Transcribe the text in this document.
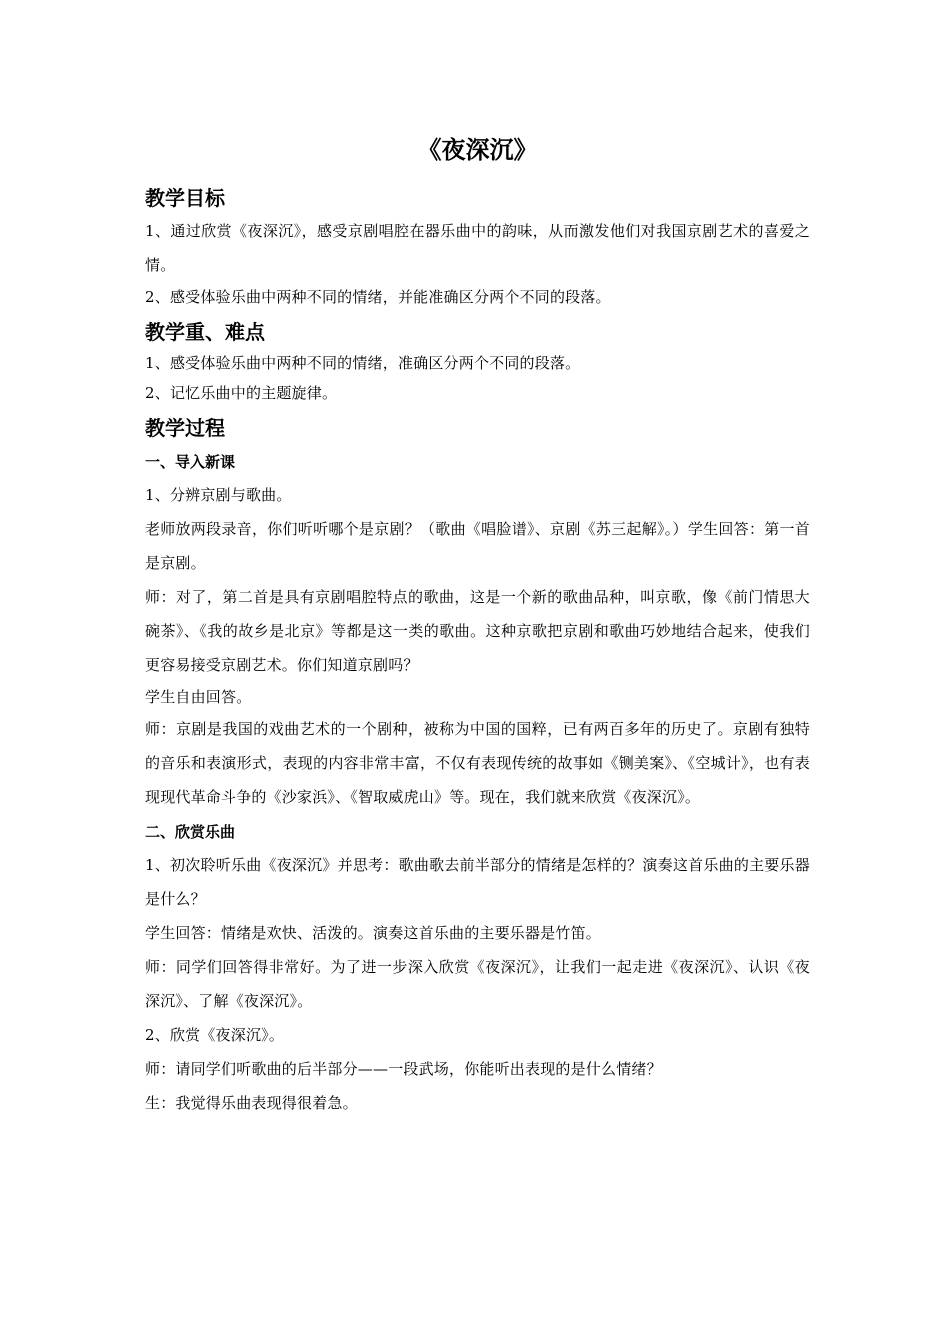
《夜深沉》
教学目标

1、通过欣赏《夜深沉》，感受京剧唱腔在器乐曲中的韵味，从而激发他们对我国京剧艺术的喜爱之情。

2、感受体验乐曲中两种不同的情绪，并能准确区分两个不同的段落。

教学重、难点

1、感受体验乐曲中两种不同的情绪，准确区分两个不同的段落。

2、记忆乐曲中的主题旋律。

教学过程
一、导入新课

1、分辨京剧与歌曲。

老师放两段录音，你们听听哪个是京剧？（歌曲《唱脸谱》、京剧《苏三起解》。）学生回答：第一首是京剧。

师：对了，第二首是具有京剧唱腔特点的歌曲，这是一个新的歌曲品种，叫京歌，像《前门情思大碗茶》、《我的故乡是北京》等都是这一类的歌曲。这种京歌把京剧和歌曲巧妙地结合起来，使我们更容易接受京剧艺术。你们知道京剧吗？

学生自由回答。

师：京剧是我国的戏曲艺术的一个剧种，被称为中国的国粹，已有两百多年的历史了。京剧有独特的音乐和表演形式，表现的内容非常丰富，不仅有表现传统的故事如《铡美案》、《空城计》，也有表现现代革命斗争的《沙家浜》、《智取威虎山》等。现在，我们就来欣赏《夜深沉》。

二、欣赏乐曲

1、初次聆听乐曲《夜深沉》并思考：歌曲歌去前半部分的情绪是怎样的？演奏这首乐曲的主要乐器是什么？

学生回答：情绪是欢快、活泼的。演奏这首乐曲的主要乐器是竹笛。

师：同学们回答得非常好。为了进一步深入欣赏《夜深沉》，让我们一起走进《夜深沉》、认识《夜深沉》、了解《夜深沉》。

2、欣赏《夜深沉》。

师：请同学们听歌曲的后半部分——一段武场，你能听出表现的是什么情绪？

生：我觉得乐曲表现得很着急。
